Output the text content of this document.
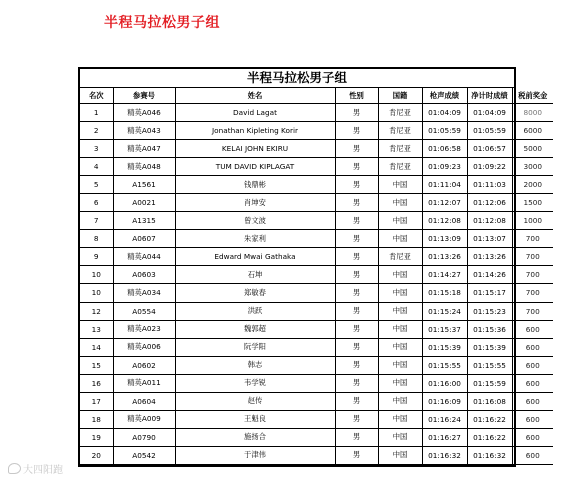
半程马拉松男子组
半程马拉松男子组
名次	参赛号	姓名	性别	国籍	枪声成绩	净计时成绩	税前奖金
1	精英A046	David Lagat	男	肯尼亚	01:04:09	01:04:09	8000
2	精英A043	Jonathan Kipleting Korir	男	肯尼亚	01:05:59	01:05:59	6000
3	精英A047	KELAI JOHN EKIRU	男	肯尼亚	01:06:58	01:06:57	5000
4	精英A048	TUM DAVID KIPLAGAT	男	肯尼亚	01:09:23	01:09:22	3000
5	A1561	钱鼎彬	男	中国	01:11:04	01:11:03	2000
6	A0021	肖坤安	男	中国	01:12:07	01:12:06	1500
7	A1315	曾文波	男	中国	01:12:08	01:12:08	1000
8	A0607	朱家利	男	中国	01:13:09	01:13:07	700
9	精英A044	Edward Mwai Gathaka	男	肯尼亚	01:13:26	01:13:26	700
10	A0603	石坤	男	中国	01:14:27	01:14:26	700
10	精英A034	郑敏春	男	中国	01:15:18	01:15:17	700
12	A0554	洪跃	男	中国	01:15:24	01:15:23	700
13	精英A023	魏郭超	男	中国	01:15:37	01:15:36	600
14	精英A006	阮学阳	男	中国	01:15:39	01:15:39	600
15	A0602	韩志	男	中国	01:15:55	01:15:55	600
16	精英A011	韦学锐	男	中国	01:16:00	01:15:59	600
17	A0604	赵传	男	中国	01:16:09	01:16:08	600
18	精英A009	王魁良	男	中国	01:16:24	01:16:22	600
19	A0790	施扬合	男	中国	01:16:27	01:16:22	600
20	A0542	于津伟	男	中国	01:16:32	01:16:32	600
大四阳跑
